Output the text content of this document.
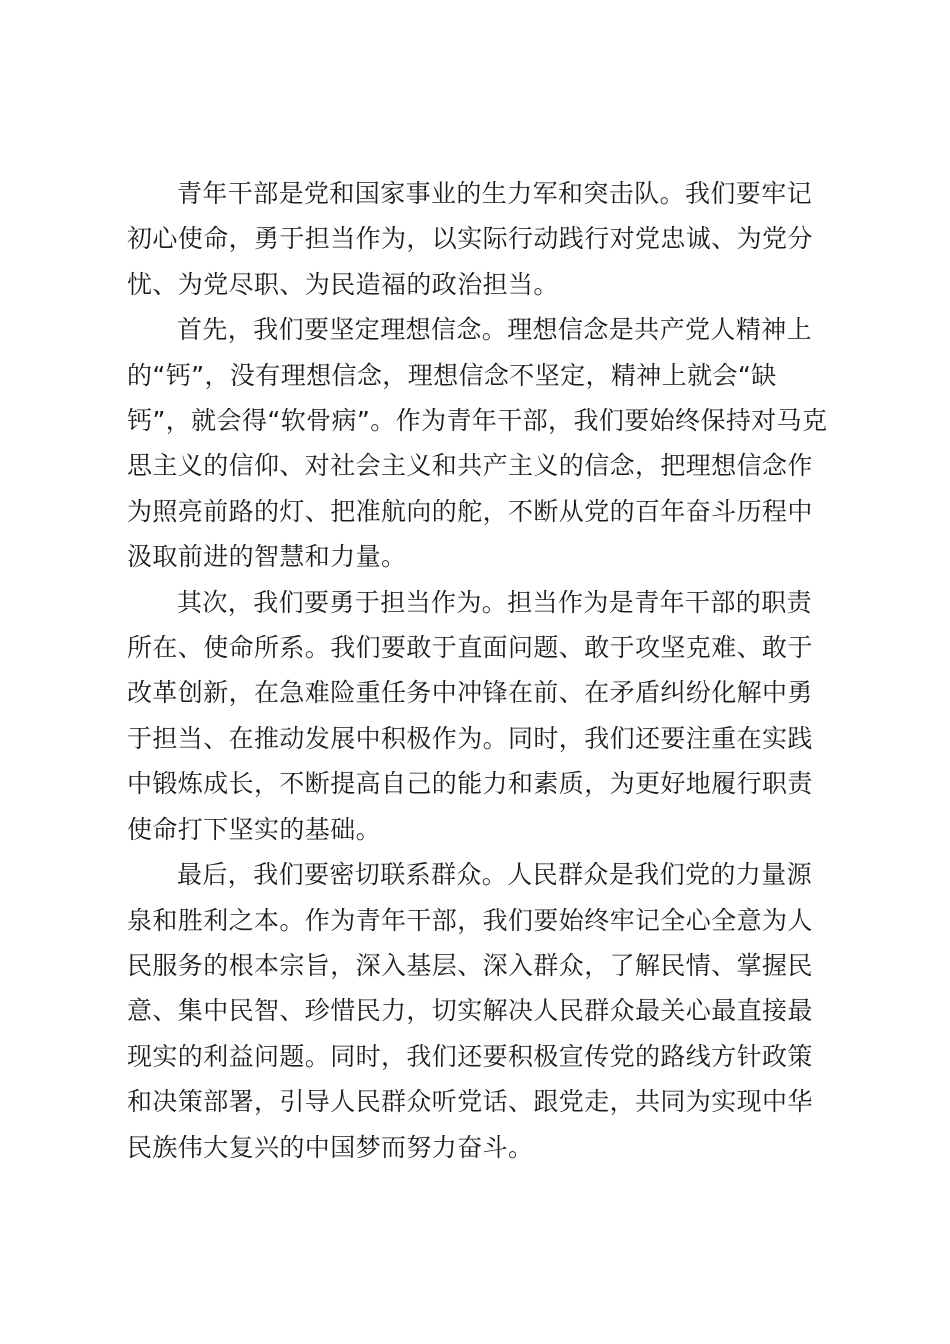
青年干部是党和国家事业的生力军和突击队。我们要牢记
初心使命，勇于担当作为，以实际行动践行对党忠诚、为党分
忧、为党尽职、为民造福的政治担当。

首先，我们要坚定理想信念。理想信念是共产党人精神上
的“钙”，没有理想信念，理想信念不坚定，精神上就会“缺
钙”，就会得“软骨病”。作为青年干部，我们要始终保持对马克
思主义的信仰、对社会主义和共产主义的信念，把理想信念作
为照亮前路的灯、把准航向的舵，不断从党的百年奋斗历程中
汲取前进的智慧和力量。

其次，我们要勇于担当作为。担当作为是青年干部的职责
所在、使命所系。我们要敢于直面问题、敢于攻坚克难、敢于
改革创新，在急难险重任务中冲锋在前、在矛盾纠纷化解中勇
于担当、在推动发展中积极作为。同时，我们还要注重在实践
中锻炼成长，不断提高自己的能力和素质，为更好地履行职责
使命打下坚实的基础。

最后，我们要密切联系群众。人民群众是我们党的力量源
泉和胜利之本。作为青年干部，我们要始终牢记全心全意为人
民服务的根本宗旨，深入基层、深入群众，了解民情、掌握民
意、集中民智、珍惜民力，切实解决人民群众最关心最直接最
现实的利益问题。同时，我们还要积极宣传党的路线方针政策
和决策部署，引导人民群众听党话、跟党走，共同为实现中华
民族伟大复兴的中国梦而努力奋斗。
